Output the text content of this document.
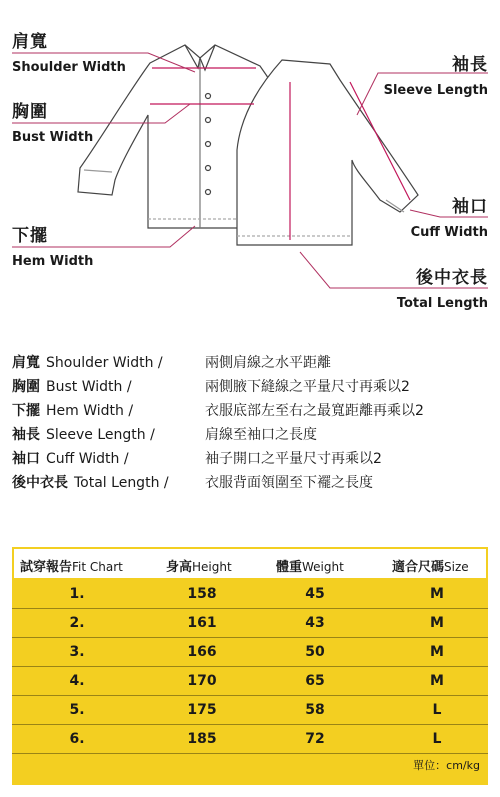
肩寬
Shoulder Width
胸圍
Bust Width
下擺
Hem Width
袖長
Sleeve Length
袖口
Cuff Width
後中衣長
Total Length
肩寬 Shoulder Width /	兩側肩線之水平距離
胸圍 Bust Width /	兩側腋下縫線之平量尺寸再乘以2
下擺 Hem Width /	衣服底部左至右之最寬距離再乘以2
袖長 Sleeve Length /	肩線至袖口之長度
袖口 Cuff Width /	袖子開口之平量尺寸再乘以2
後中衣長 Total Length /	衣服背面領圍至下襬之長度
試穿報告Fit Chart	身高Height	體重Weight	適合尺碼Size
1.	158	45	M
2.	161	43	M
3.	166	50	M
4.	170	65	M
5.	175	58	L
6.	185	72	L
單位：cm/kg
